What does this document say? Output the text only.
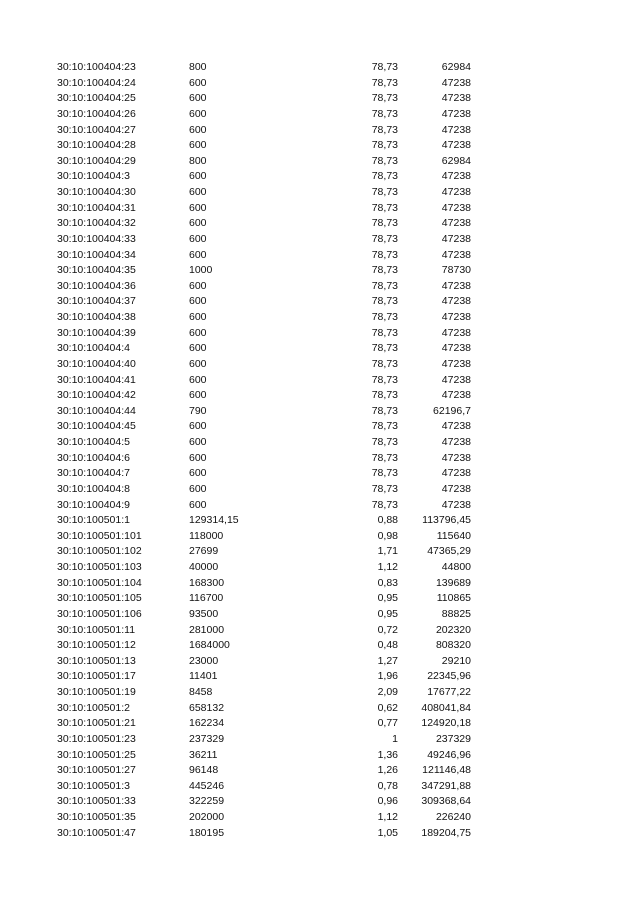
30:10:100404:23	800	78,73	62984
30:10:100404:24	600	78,73	47238
30:10:100404:25	600	78,73	47238
30:10:100404:26	600	78,73	47238
30:10:100404:27	600	78,73	47238
30:10:100404:28	600	78,73	47238
30:10:100404:29	800	78,73	62984
30:10:100404:3	600	78,73	47238
30:10:100404:30	600	78,73	47238
30:10:100404:31	600	78,73	47238
30:10:100404:32	600	78,73	47238
30:10:100404:33	600	78,73	47238
30:10:100404:34	600	78,73	47238
30:10:100404:35	1000	78,73	78730
30:10:100404:36	600	78,73	47238
30:10:100404:37	600	78,73	47238
30:10:100404:38	600	78,73	47238
30:10:100404:39	600	78,73	47238
30:10:100404:4	600	78,73	47238
30:10:100404:40	600	78,73	47238
30:10:100404:41	600	78,73	47238
30:10:100404:42	600	78,73	47238
30:10:100404:44	790	78,73	62196,7
30:10:100404:45	600	78,73	47238
30:10:100404:5	600	78,73	47238
30:10:100404:6	600	78,73	47238
30:10:100404:7	600	78,73	47238
30:10:100404:8	600	78,73	47238
30:10:100404:9	600	78,73	47238
30:10:100501:1	129314,15	0,88	113796,45
30:10:100501:101	118000	0,98	115640
30:10:100501:102	27699	1,71	47365,29
30:10:100501:103	40000	1,12	44800
30:10:100501:104	168300	0,83	139689
30:10:100501:105	116700	0,95	110865
30:10:100501:106	93500	0,95	88825
30:10:100501:11	281000	0,72	202320
30:10:100501:12	1684000	0,48	808320
30:10:100501:13	23000	1,27	29210
30:10:100501:17	11401	1,96	22345,96
30:10:100501:19	8458	2,09	17677,22
30:10:100501:2	658132	0,62	408041,84
30:10:100501:21	162234	0,77	124920,18
30:10:100501:23	237329	1	237329
30:10:100501:25	36211	1,36	49246,96
30:10:100501:27	96148	1,26	121146,48
30:10:100501:3	445246	0,78	347291,88
30:10:100501:33	322259	0,96	309368,64
30:10:100501:35	202000	1,12	226240
30:10:100501:47	180195	1,05	189204,75
